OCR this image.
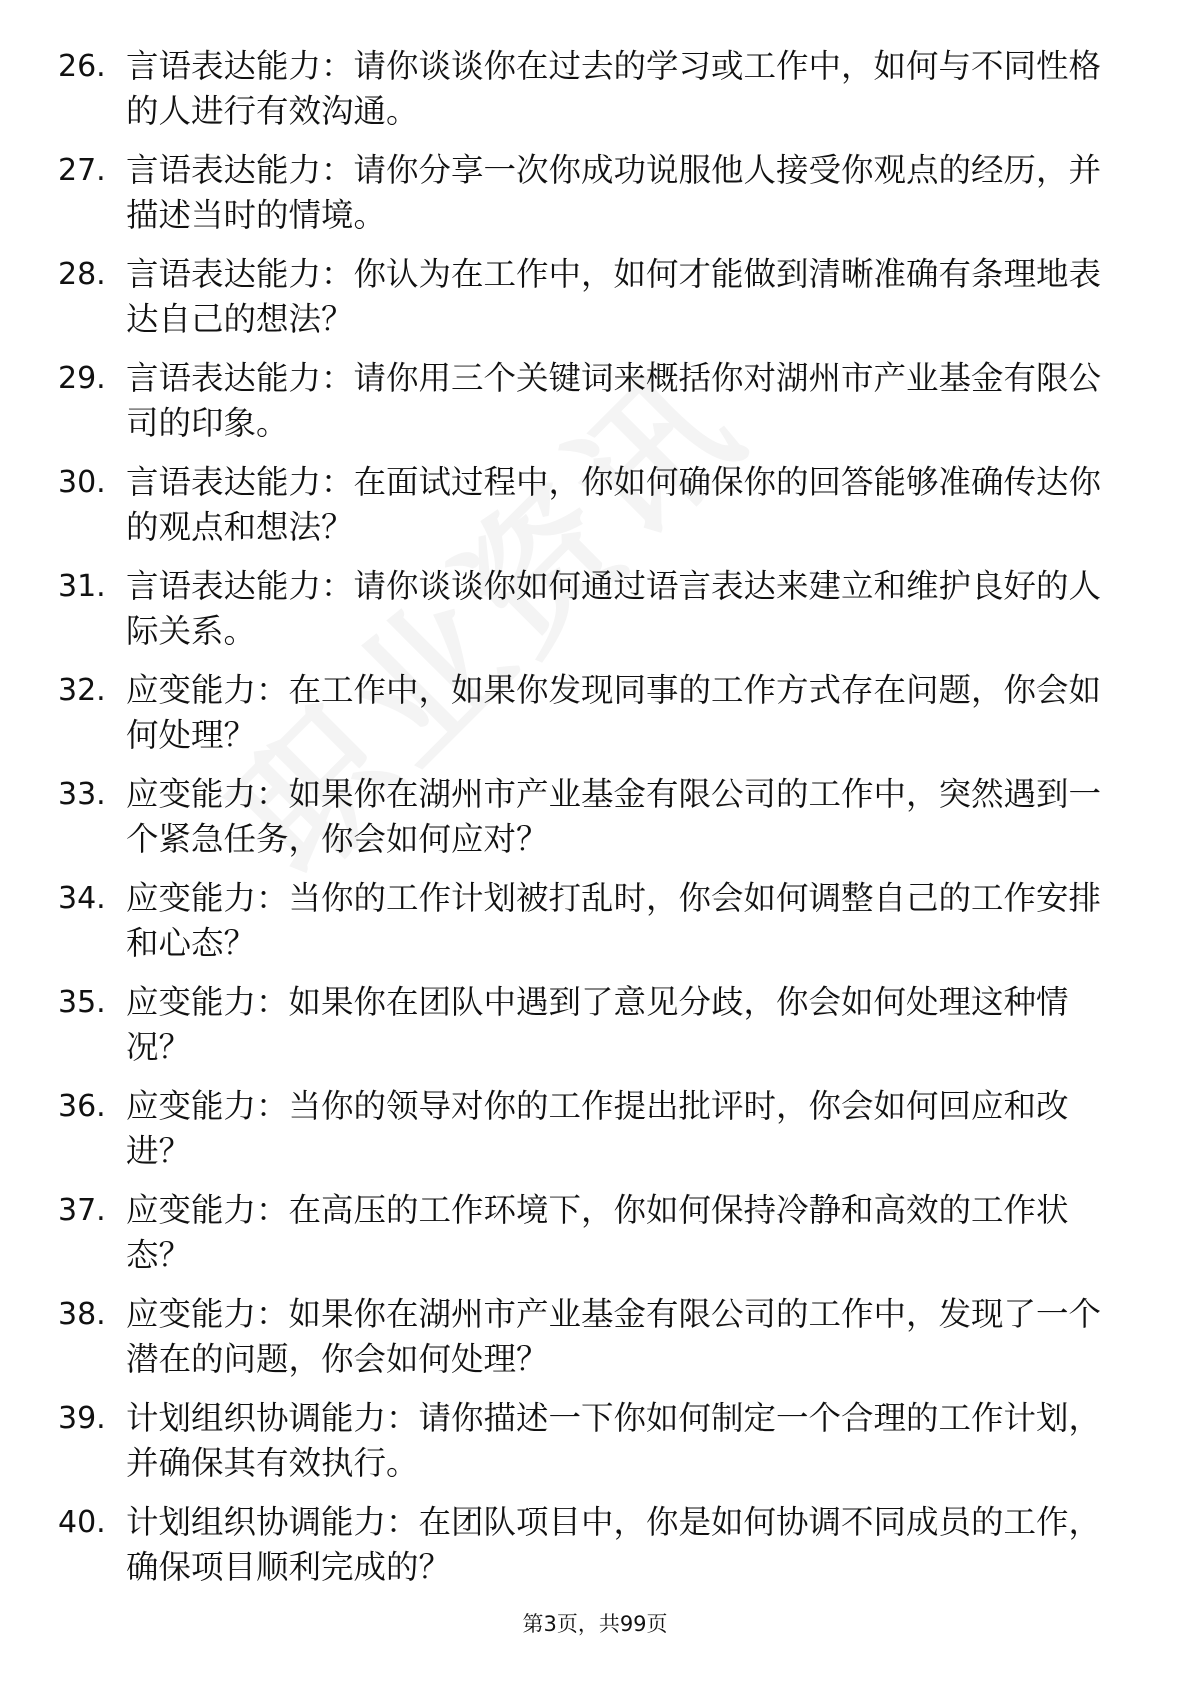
26. 言语表达能力：请你谈谈你在过去的学习或工作中，如何与不同性格的人进行有效沟通。
27. 言语表达能力：请你分享一次你成功说服他人接受你观点的经历，并描述当时的情境。
28. 言语表达能力：你认为在工作中，如何才能做到清晰准确有条理地表达自己的想法？
29. 言语表达能力：请你用三个关键词来概括你对湖州市产业基金有限公司的印象。
30. 言语表达能力：在面试过程中，你如何确保你的回答能够准确传达你的观点和想法？
31. 言语表达能力：请你谈谈你如何通过语言表达来建立和维护良好的人际关系。
32. 应变能力：在工作中，如果你发现同事的工作方式存在问题，你会如何处理？
33. 应变能力：如果你在湖州市产业基金有限公司的工作中，突然遇到一个紧急任务，你会如何应对？
34. 应变能力：当你的工作计划被打乱时，你会如何调整自己的工作安排和心态？
35. 应变能力：如果你在团队中遇到了意见分歧，你会如何处理这种情况？
36. 应变能力：当你的领导对你的工作提出批评时，你会如何回应和改进？
37. 应变能力：在高压的工作环境下，你如何保持冷静和高效的工作状态？
38. 应变能力：如果你在湖州市产业基金有限公司的工作中，发现了一个潜在的问题，你会如何处理？
39. 计划组织协调能力：请你描述一下你如何制定一个合理的工作计划，并确保其有效执行。
40. 计划组织协调能力：在团队项目中，你是如何协调不同成员的工作，确保项目顺利完成的？
第3页，共99页
